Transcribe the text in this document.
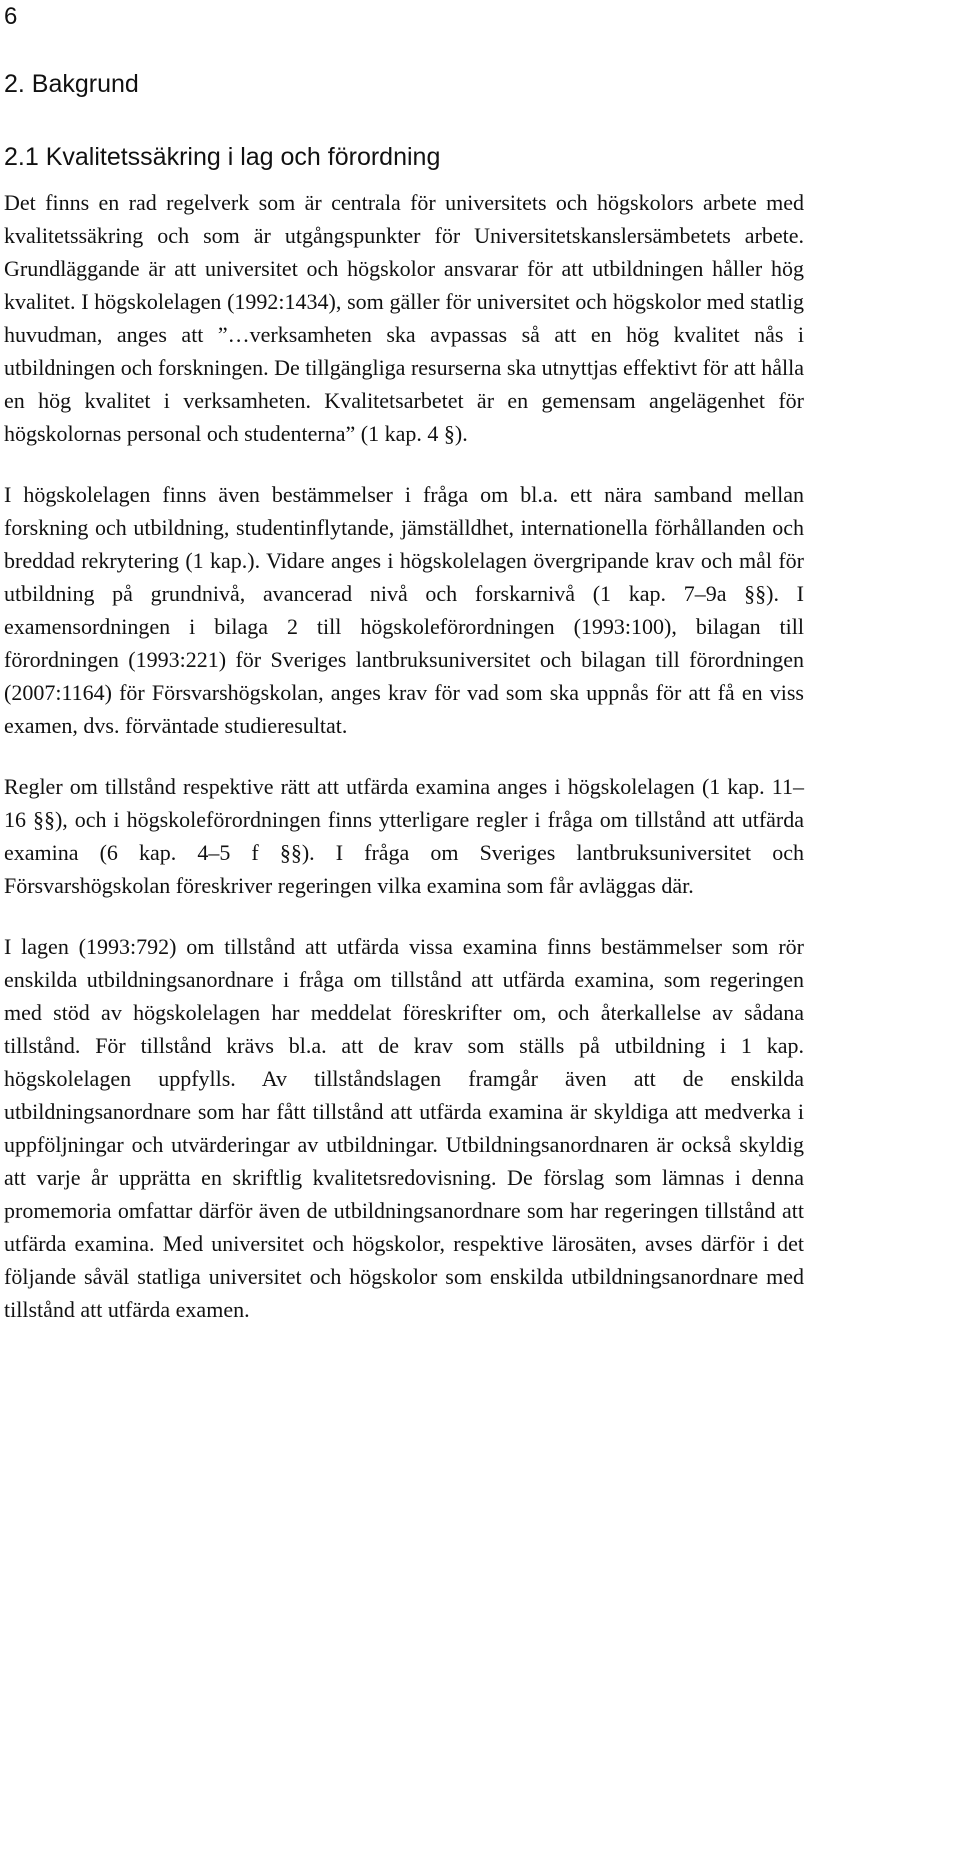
6
2. Bakgrund
2.1 Kvalitetssäkring i lag och förordning

Det finns en rad regelverk som är centrala för universitets och högskolors arbete med kvalitetssäkring och som är utgångspunkter för Universitetskanslersämbetets arbete. Grundläggande är att universitet och högskolor ansvarar för att utbildningen håller hög kvalitet. I högskolelagen (1992:1434), som gäller för universitet och högskolor med statlig huvudman, anges att ”…verksamheten ska avpassas så att en hög kvalitet nås i utbildningen och forskningen. De tillgängliga resurserna ska utnyttjas effektivt för att hålla en hög kvalitet i verksamheten. Kvalitetsarbetet är en gemensam angelägenhet för högskolornas personal och studenterna” (1 kap. 4 §).

I högskolelagen finns även bestämmelser i fråga om bl.a. ett nära samband mellan forskning och utbildning, studentinflytande, jämställdhet, internationella förhållanden och breddad rekrytering (1 kap.). Vidare anges i högskolelagen övergripande krav och mål för utbildning på grundnivå, avancerad nivå och forskarnivå (1 kap. 7–9a §§). I examensordningen i bilaga 2 till högskoleförordningen (1993:100), bilagan till förordningen (1993:221) för Sveriges lantbruksuniversitet och bilagan till förordningen (2007:1164) för Försvarshögskolan, anges krav för vad som ska uppnås för att få en viss examen, dvs. förväntade studieresultat.

Regler om tillstånd respektive rätt att utfärda examina anges i högskolelagen (1 kap. 11–16 §§), och i högskoleförordningen finns ytterligare regler i fråga om tillstånd att utfärda examina (6 kap. 4–5 f §§). I fråga om Sveriges lantbruksuniversitet och Försvarshögskolan föreskriver regeringen vilka examina som får avläggas där.

I lagen (1993:792) om tillstånd att utfärda vissa examina finns bestämmelser som rör enskilda utbildningsanordnare i fråga om tillstånd att utfärda examina, som regeringen med stöd av högskolelagen har meddelat föreskrifter om, och återkallelse av sådana tillstånd. För tillstånd krävs bl.a. att de krav som ställs på utbildning i 1 kap. högskolelagen uppfylls. Av tillståndslagen framgår även att de enskilda utbildningsanordnare som har fått tillstånd att utfärda examina är skyldiga att medverka i uppföljningar och utvärderingar av utbildningar. Utbildningsanordnaren är också skyldig att varje år upprätta en skriftlig kvalitetsredovisning. De förslag som lämnas i denna promemoria omfattar därför även de utbildningsanordnare som har regeringen tillstånd att utfärda examina. Med universitet och högskolor, respektive lärosäten, avses därför i det följande såväl statliga universitet och högskolor som enskilda utbildningsanordnare med tillstånd att utfärda examen.
